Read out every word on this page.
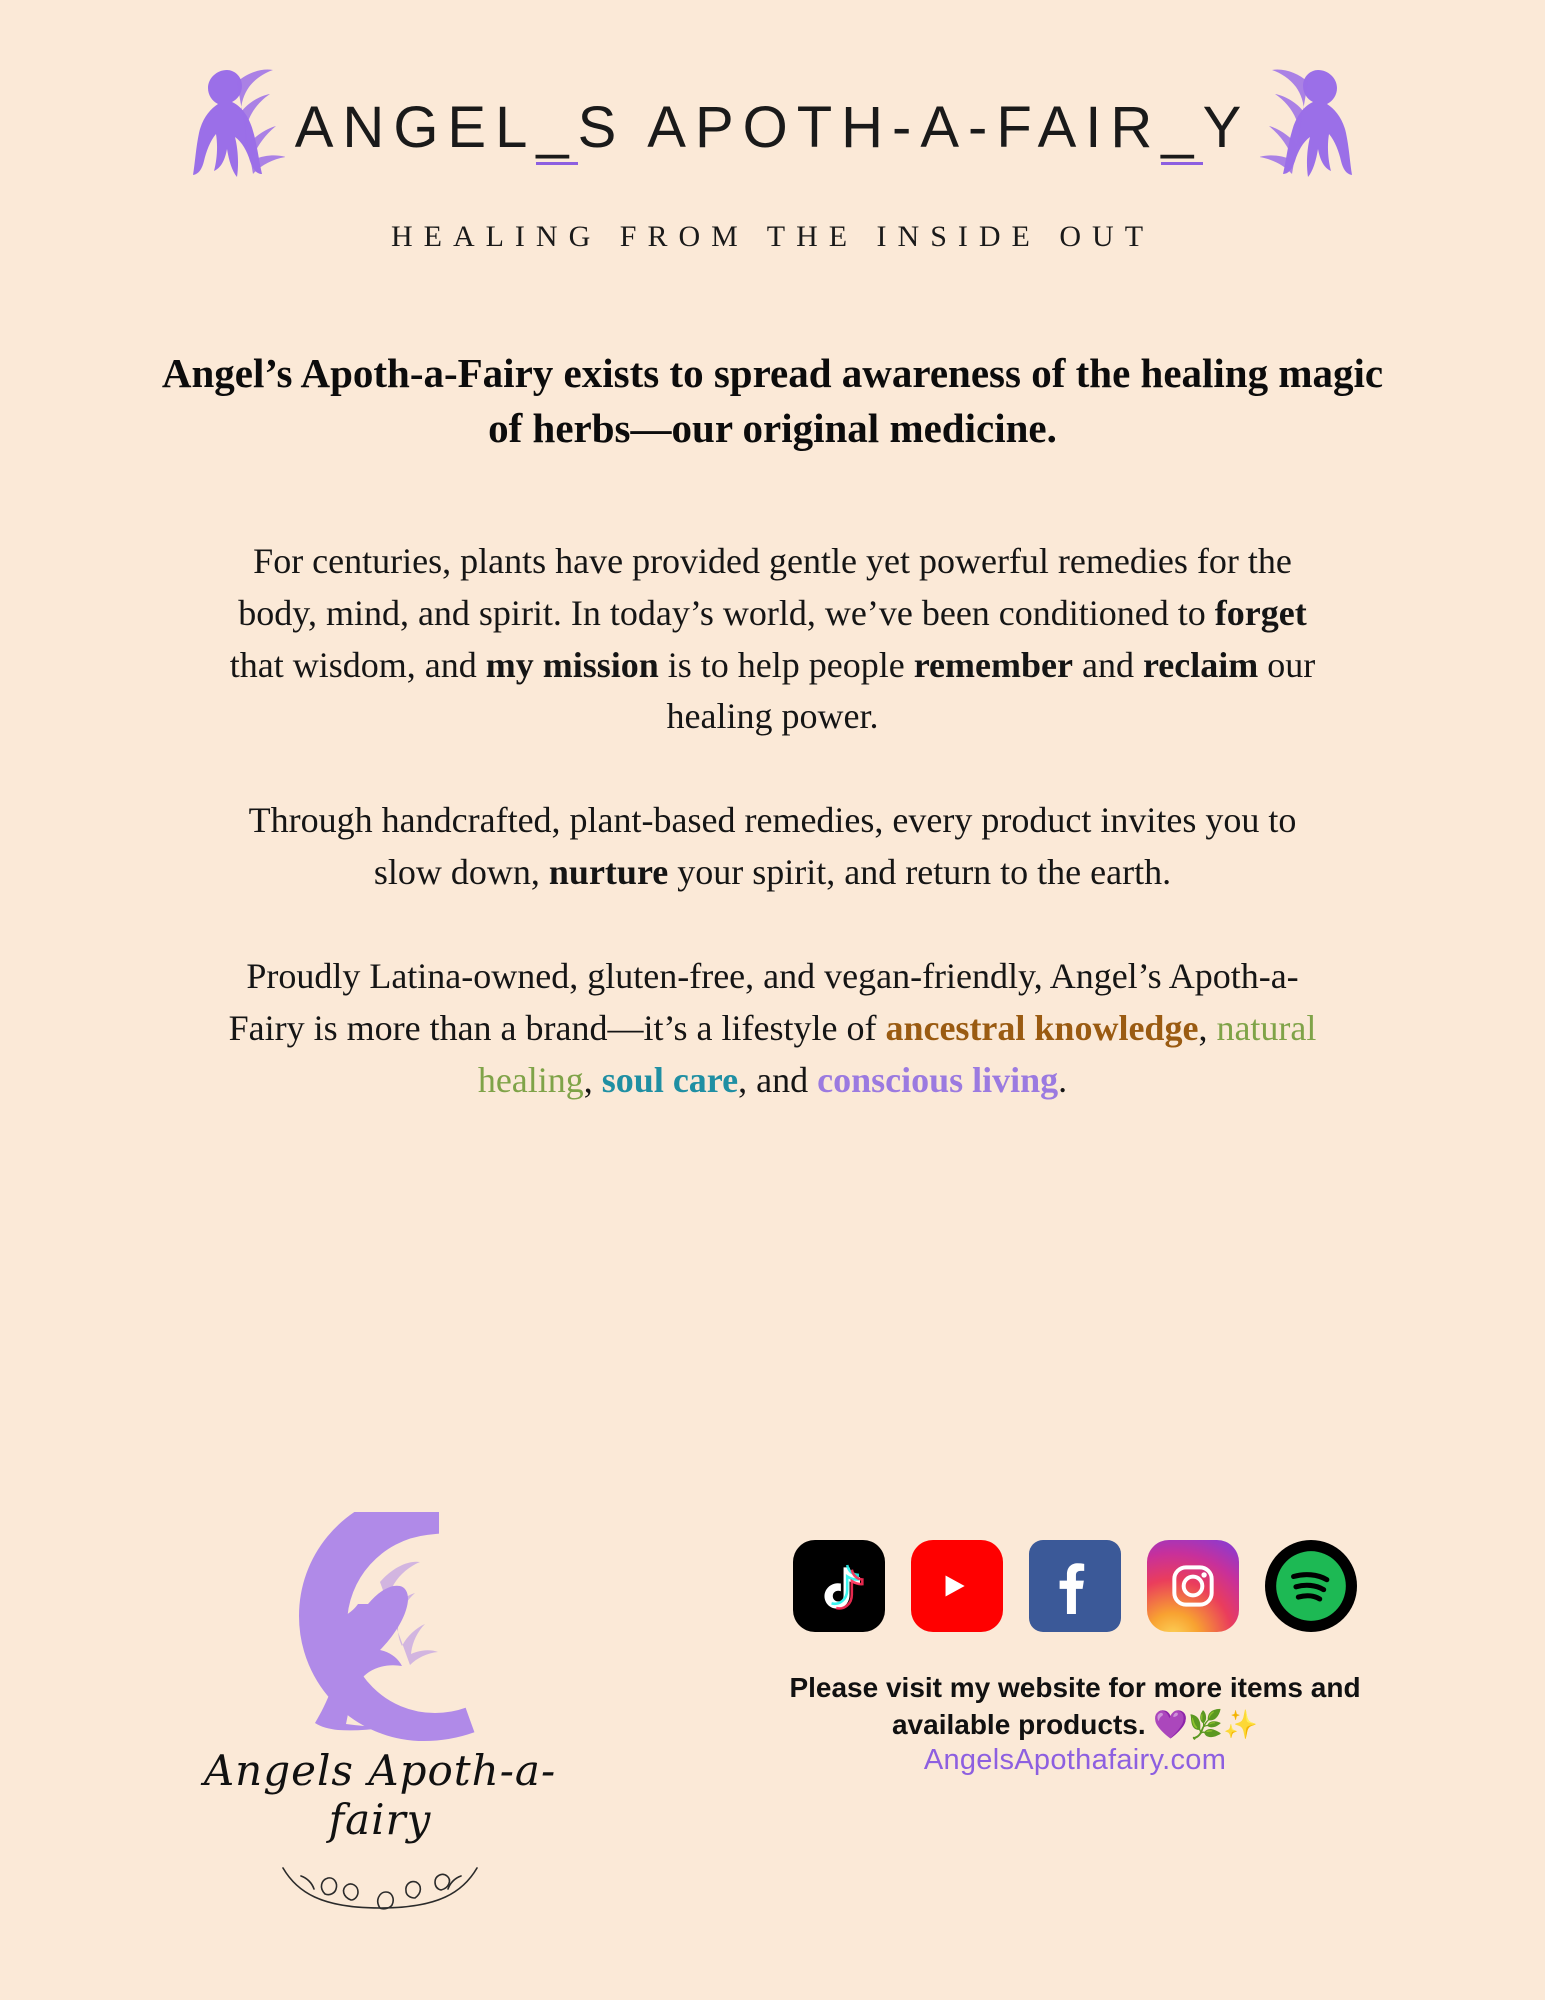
ANGEL_S APOTH-A-FAIR_Y
HEALING FROM THE INSIDE OUT
Angel’s Apoth-a-Fairy exists to spread awareness of the healing magic of herbs—our original medicine.

For centuries, plants have provided gentle yet powerful remedies for the body, mind, and spirit. In today’s world, we’ve been conditioned to forget that wisdom, and my mission is to help people remember and reclaim our healing power.

Through handcrafted, plant-based remedies, every product invites you to slow down, nurture your spirit, and return to the earth.

Proudly Latina-owned, gluten-free, and vegan-friendly, Angel’s Apoth-a-Fairy is more than a brand—it’s a lifestyle of ancestral knowledge, natural healing, soul care, and conscious living.

Angels Apoth-a-fairy
Please visit my website for more items and available products. 💜🌿✨
AngelsApothafairy.com
